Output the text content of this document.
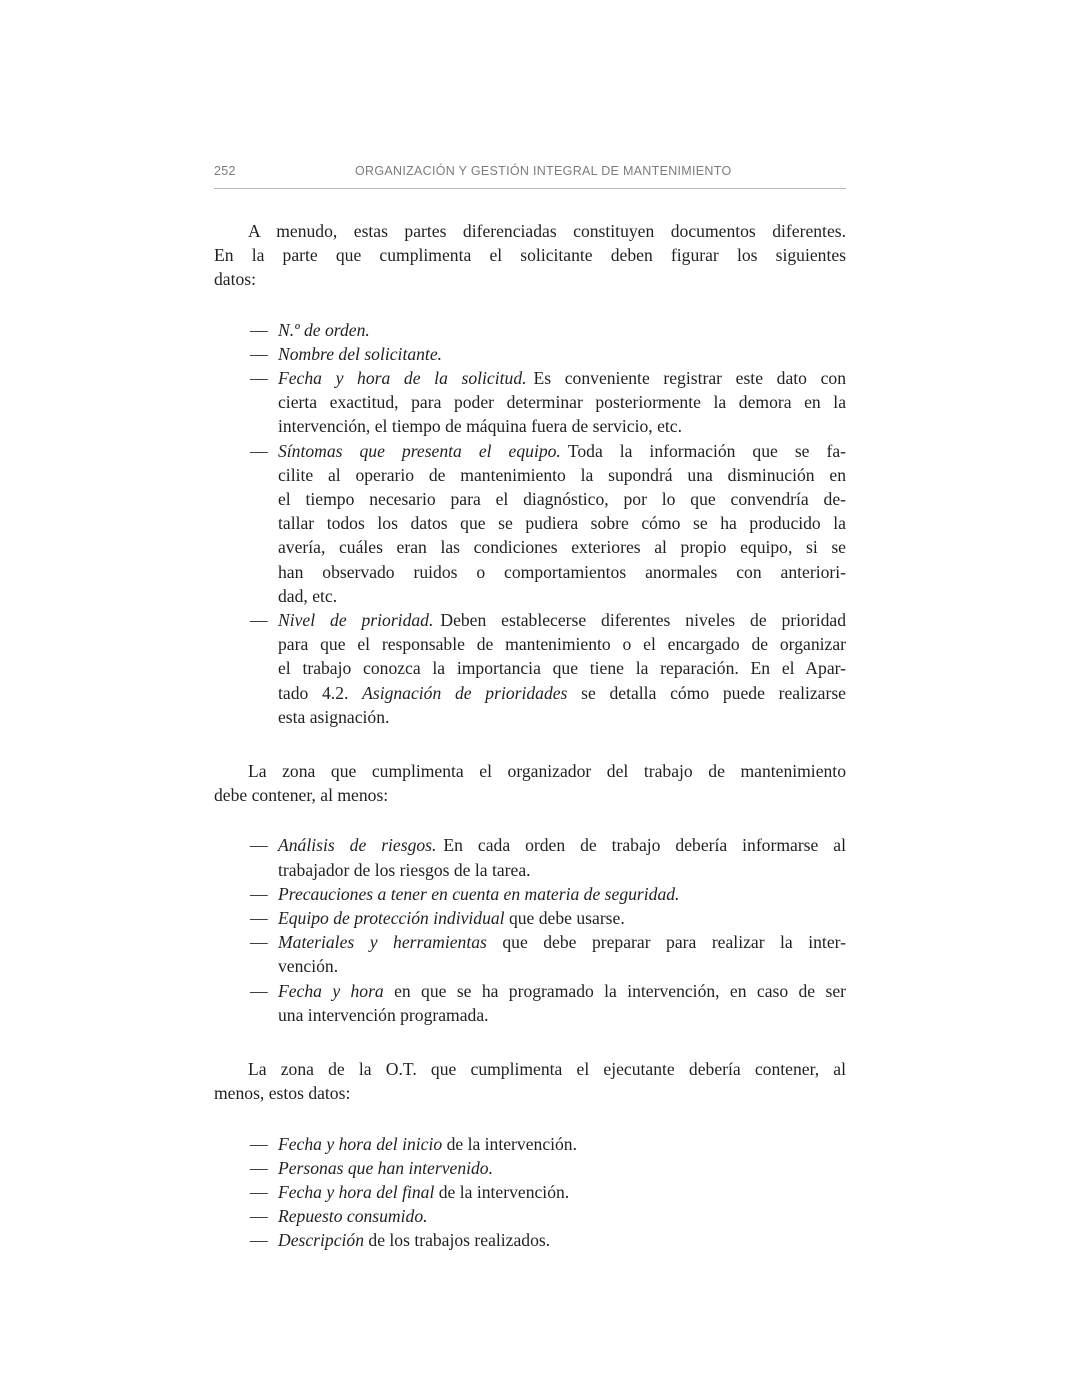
252	ORGANIZACIÓN Y GESTIÓN INTEGRAL DE MANTENIMIENTO
A menudo, estas partes diferenciadas constituyen documentos diferentes.
En la parte que cumplimenta el solicitante deben figurar los siguientes
datos:
— N.º de orden.
— Nombre del solicitante.
— Fecha y hora de la solicitud. Es conveniente registrar este dato con
cierta exactitud, para poder determinar posteriormente la demora en la
intervención, el tiempo de máquina fuera de servicio, etc.
— Síntomas que presenta el equipo. Toda la información que se fa-
cilite al operario de mantenimiento la supondrá una disminución en
el tiempo necesario para el diagnóstico, por lo que convendría de-
tallar todos los datos que se pudiera sobre cómo se ha producido la
avería, cuáles eran las condiciones exteriores al propio equipo, si se
han observado ruidos o comportamientos anormales con anteriori-
dad, etc.
— Nivel de prioridad. Deben establecerse diferentes niveles de prioridad
para que el responsable de mantenimiento o el encargado de organizar
el trabajo conozca la importancia que tiene la reparación. En el Apar-
tado 4.2. Asignación de prioridades se detalla cómo puede realizarse
esta asignación.
La zona que cumplimenta el organizador del trabajo de mantenimiento
debe contener, al menos:
— Análisis de riesgos. En cada orden de trabajo debería informarse al
trabajador de los riesgos de la tarea.
— Precauciones a tener en cuenta en materia de seguridad.
— Equipo de protección individual que debe usarse.
— Materiales y herramientas que debe preparar para realizar la inter-
vención.
— Fecha y hora en que se ha programado la intervención, en caso de ser
una intervención programada.
La zona de la O.T. que cumplimenta el ejecutante debería contener, al
menos, estos datos:
— Fecha y hora del inicio de la intervención.
— Personas que han intervenido.
— Fecha y hora del final de la intervención.
— Repuesto consumido.
— Descripción de los trabajos realizados.
